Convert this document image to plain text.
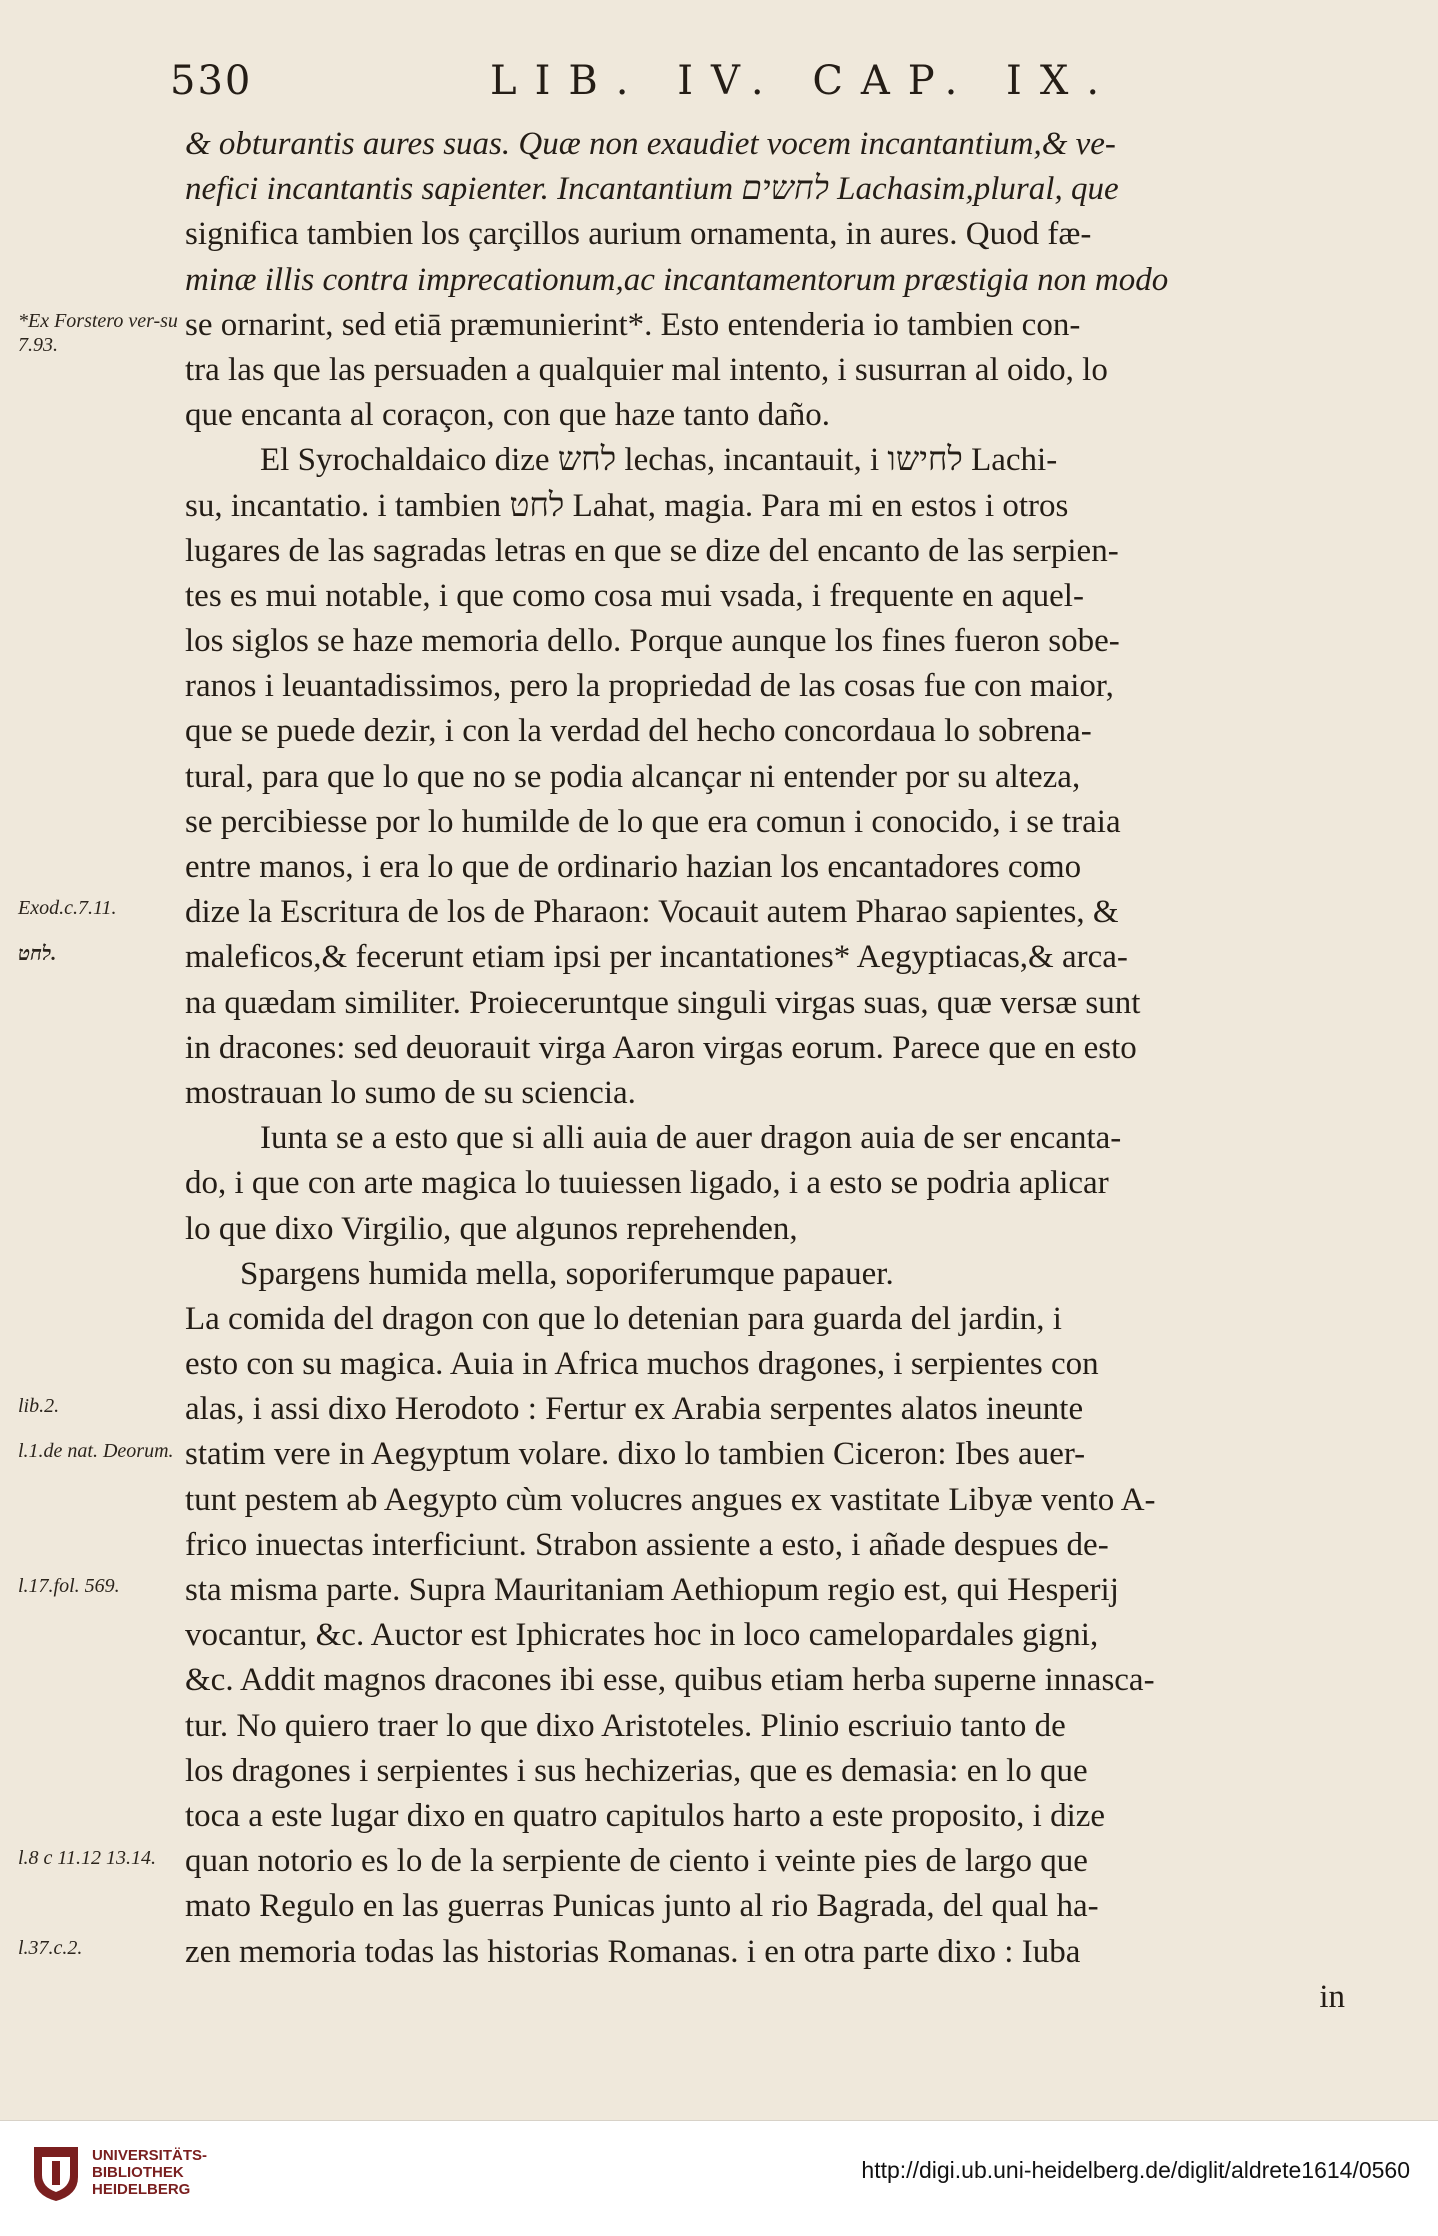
530	LIB. IV. CAP. IX.
& obturantis aures suas. Quæ non exaudiet vocem incantantium,& ve-
nefici incantantis sapienter. Incantantium לחשים Lachasim,plural, que
significa tambien los çarçillos aurium ornamenta, in aures. Quod fæ-
minæ illis contra imprecationum,ac incantamentorum præstigia non modo
se ornarint, sed etiā præmunierint*. Esto entenderia io tambien con-
tra las que las persuaden a qualquier mal intento, i susurran al oido, lo
que encanta al coraçon, con que haze tanto daño.
El Syrochaldaico dize לחש lechas, incantauit, i לחישו Lachi-
su, incantatio. i tambien לחט Lahat, magia. Para mi en estos i otros
lugares de las sagradas letras en que se dize del encanto de las serpien-
tes es mui notable, i que como cosa mui vsada, i frequente en aquel-
los siglos se haze memoria dello. Porque aunque los fines fueron sobe-
ranos i leuantadissimos, pero la propriedad de las cosas fue con maior,
que se puede dezir, i con la verdad del hecho concordaua lo sobrena-
tural, para que lo que no se podia alcançar ni entender por su alteza,
se percibiesse por lo humilde de lo que era comun i conocido, i se traia
entre manos, i era lo que de ordinario hazian los encantadores como
dize la Escritura de los de Pharaon: Vocauit autem Pharao sapientes, &
maleficos,& fecerunt etiam ipsi per incantationes* Aegyptiacas,& arca-
na quædam similiter. Proieceruntque singuli virgas suas, quæ versæ sunt
in dracones: sed deuorauit virga Aaron virgas eorum. Parece que en esto
mostrauan lo sumo de su sciencia.
Iunta se a esto que si alli auia de auer dragon auia de ser encanta-
do, i que con arte magica lo tuuiessen ligado, i a esto se podria aplicar
lo que dixo Virgilio, que algunos reprehenden,
Spargens humida mella, soporiferumque papauer.
La comida del dragon con que lo detenian para guarda del jardin, i
esto con su magica. Auia in Africa muchos dragones, i serpientes con
alas, i assi dixo Herodoto : Fertur ex Arabia serpentes alatos ineunte
statim vere in Aegyptum volare. dixo lo tambien Ciceron: Ibes auer-
tunt pestem ab Aegypto cùm volucres angues ex vastitate Libyæ vento A-
frico inuectas interficiunt. Strabon assiente a esto, i añade despues de-
sta misma parte. Supra Mauritaniam Aethiopum regio est, qui Hesperij
vocantur, &c. Auctor est Iphicrates hoc in loco camelopardales gigni,
&c. Addit magnos dracones ibi esse, quibus etiam herba superne innasca-
tur. No quiero traer lo que dixo Aristoteles. Plinio escriuio tanto de
los dragones i serpientes i sus hechizerias, que es demasia: en lo que
toca a este lugar dixo en quatro capitulos harto a este proposito, i dize
quan notorio es lo de la serpiente de ciento i veinte pies de largo que
mato Regulo en las guerras Punicas junto al rio Bagrada, del qual ha-
zen memoria todas las historias Romanas. i en otra parte dixo : Iuba
in
*Ex Forstero ver-su 7.93.
Exod.c.7.11.
לחט.
lib.2.
l.1.de nat. Deorum.
l.17.fol. 569.
l.8 c 11.12 13.14.
l.37.c.2.
UNIVERSITÄTS-
BIBLIOTHEK
HEIDELBERG
http://digi.ub.uni-heidelberg.de/diglit/aldrete1614/0560
